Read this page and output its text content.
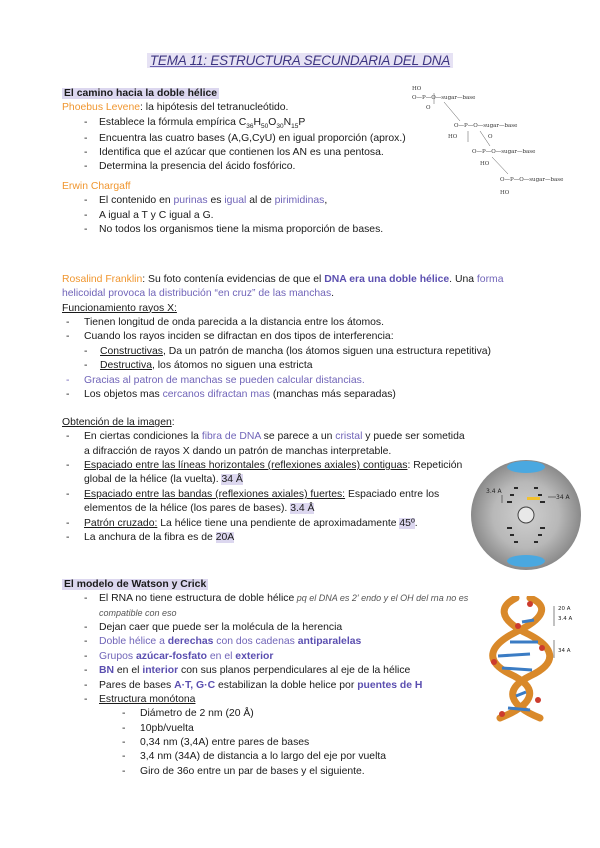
TEMA 11: ESTRUCTURA SECUNDARIA DEL DNA
El camino hacia la doble hélice
Phoebus Levene: la hipótesis del tetranucleótido.
- Establece la fórmula empírica $C_{36}H_{50}O_{30}N_{15}P$
- Encuentra las cuatro bases (A,G,CyU) en igual proporción (aprox.)
- Identifica que el azúcar que contienen los AN es una pentosa.
- Determina la presencia del ácido fosfórico.
Erwin Chargaff
- El contenido en purinas es igual al de pirimidinas,
- A igual a T y C igual a G.
- No todos los organismos tiene la misma proporción de bases.
HO
O—P—O—sugar—base
O
O—P—O—sugar—base
HO	O
O—P—O—sugar—base
HO
O—P—O—sugar—base
HO
Rosalind Franklin: Su foto contenía evidencias de que el DNA era una doble hélice. Una forma helicoidal provoca la distribución “en cruz” de las manchas.
Funcionamiento rayos X:
- Tienen longitud de onda parecida a la distancia entre los átomos.
- Cuando los rayos inciden se difractan en dos tipos de interferencia:
- Constructivas, Da un patrón de mancha (los átomos siguen una estructura repetitiva)
- Destructiva, los átomos no siguen una estricta
- Gracias al patron de manchas se pueden calcular distancias.
- Los objetos mas cercanos difractan mas (manchas más separadas)
Obtención de la imagen:
- En ciertas condiciones la fibra de DNA se parece a un cristal y puede ser sometida a difracción de rayos X dando un patrón de manchas interpretable.
- Espaciado entre las líneas horizontales (reflexiones axiales) contiguas: Repetición global de la hélice (la vuelta). 34 Å
- Espaciado entre las bandas (reflexiones axiales) fuertes: Espaciado entre los elementos de la hélice (los pares de bases). 3.4 Å
- Patrón cruzado: La hélice tiene una pendiente de aproximadamente 45º.
- La anchura de la fibra es de 20A
3.4 A
34 A
El modelo de Watson y Crick
- El RNA no tiene estructura de doble hélice pq el DNA es 2' endo y el OH del rna no es compatible con eso
- Dejan caer que puede ser la molécula de la herencia
- Doble hélice a derechas con dos cadenas antiparalelas
- Grupos azúcar-fosfato en el exterior
- BN en el interior con sus planos perpendiculares al eje de la hélice
- Pares de bases A·T, G·C estabilizan la doble helice por puentes de H
- Estructura monótona
- Diámetro de 2 nm (20 Å)
- 10pb/vuelta
- 0,34 nm (3,4A) entre pares de bases
- 3,4 nm (34A) de distancia a lo largo del eje por vuelta
- Giro de 36o entre un par de bases y el siguiente.
20 A
3.4 A
34 A
